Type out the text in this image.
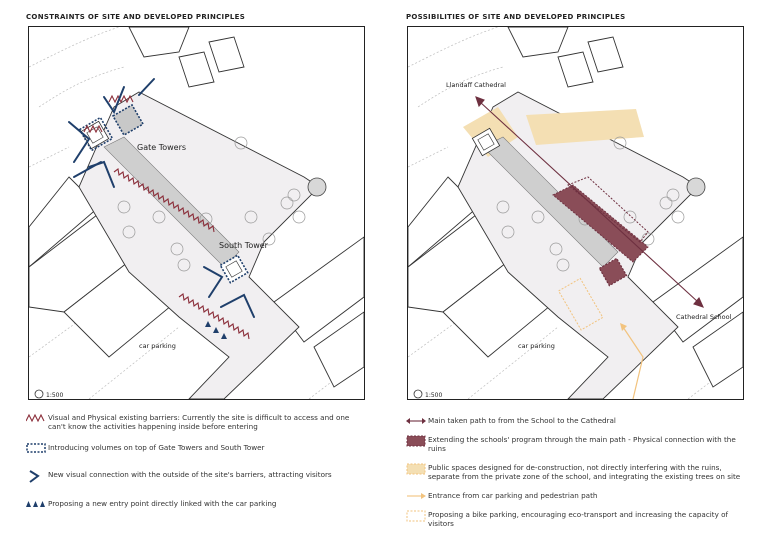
CONSTRAINTS OF SITE AND DEVELOPED PRINCIPLES
Gate Towers
South Tower
car parking
1:500
POSSIBILITIES OF SITE AND DEVELOPED PRINCIPLES
Llandaff Cathedral
Cathedral School
car parking
1:500
Visual and Physical existing barriers: Currently the site is difficult to access and one can't know the activities happening inside before entering
Introducing volumes on top of Gate Towers and South Tower
New visual connection with the outside of the site's barriers, attracting visitors
Proposing a new entry point directly linked with the car parking
Main taken path to from the School to the Cathedral
Extending the schools' program through the main path - Physical connection with the ruins
Public spaces designed for de-construction, not directly interfering with the ruins, separate from the private zone of the school, and integrating the existing trees on site
Entrance from car parking and pedestrian path
Proposing a bike parking, encouraging eco-transport and increasing the capacity of visitors
